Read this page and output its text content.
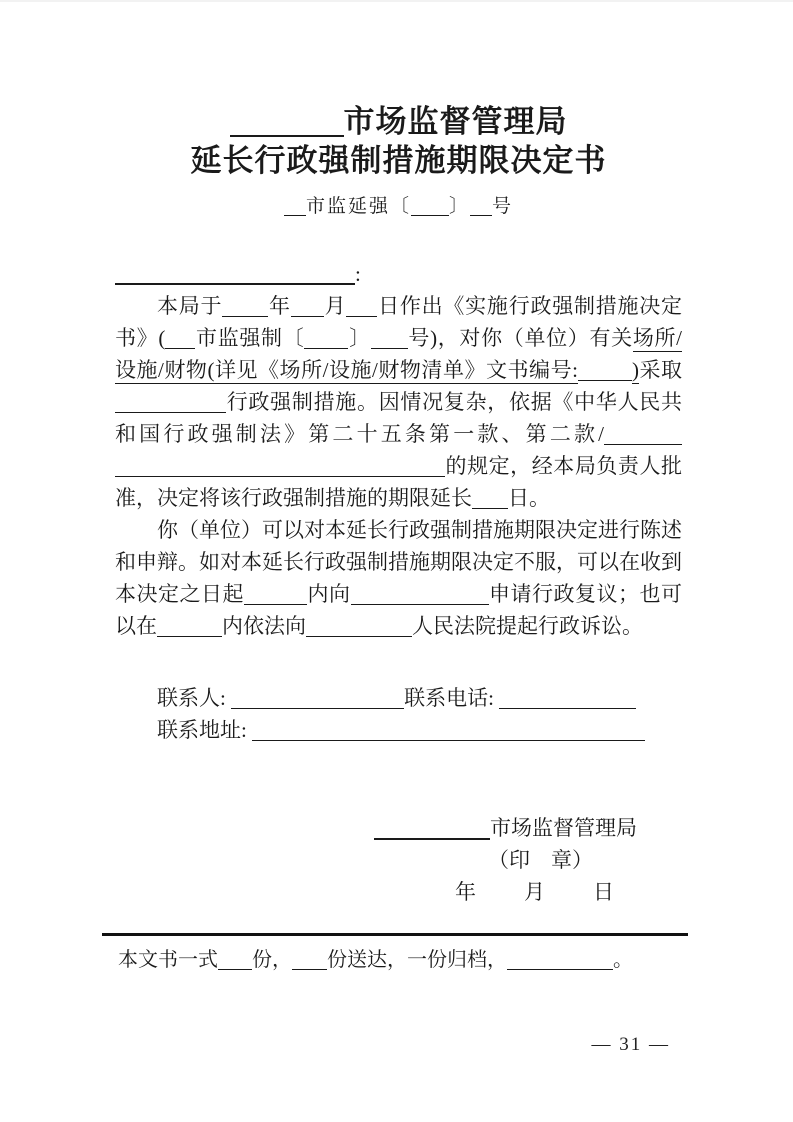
市场监督管理局
延长行政强制措施期限决定书
市监延强〔 〕 号

:

本局于 年 月 日作出《实施行政强制措施决定书》( 市监强制〔 〕 号)，对你（单位）有关场所/设施/财物(详见《场所/设施/财物清单》文书编号:	)采取行政强制措施。因情况复杂，依据《中华人民共和国行政强制法》第二十五条第一款、第二款/的规定，经本局负责人批准，决定将该行政强制措施的期限延长 日。

你（单位）可以对本延长行政强制措施期限决定进行陈述和申辩。如对本延长行政强制措施期限决定不服，可以在收到本决定之日起	内向	申请行政复议；也可以在	内依法向	人民法院提起行政诉讼。

联系人:	联系电话:

联系地址:

市场监督管理局
（印　章）
年　　月　　日
本文书一式 份， 份送达，一份归档，	。
— 31 —
